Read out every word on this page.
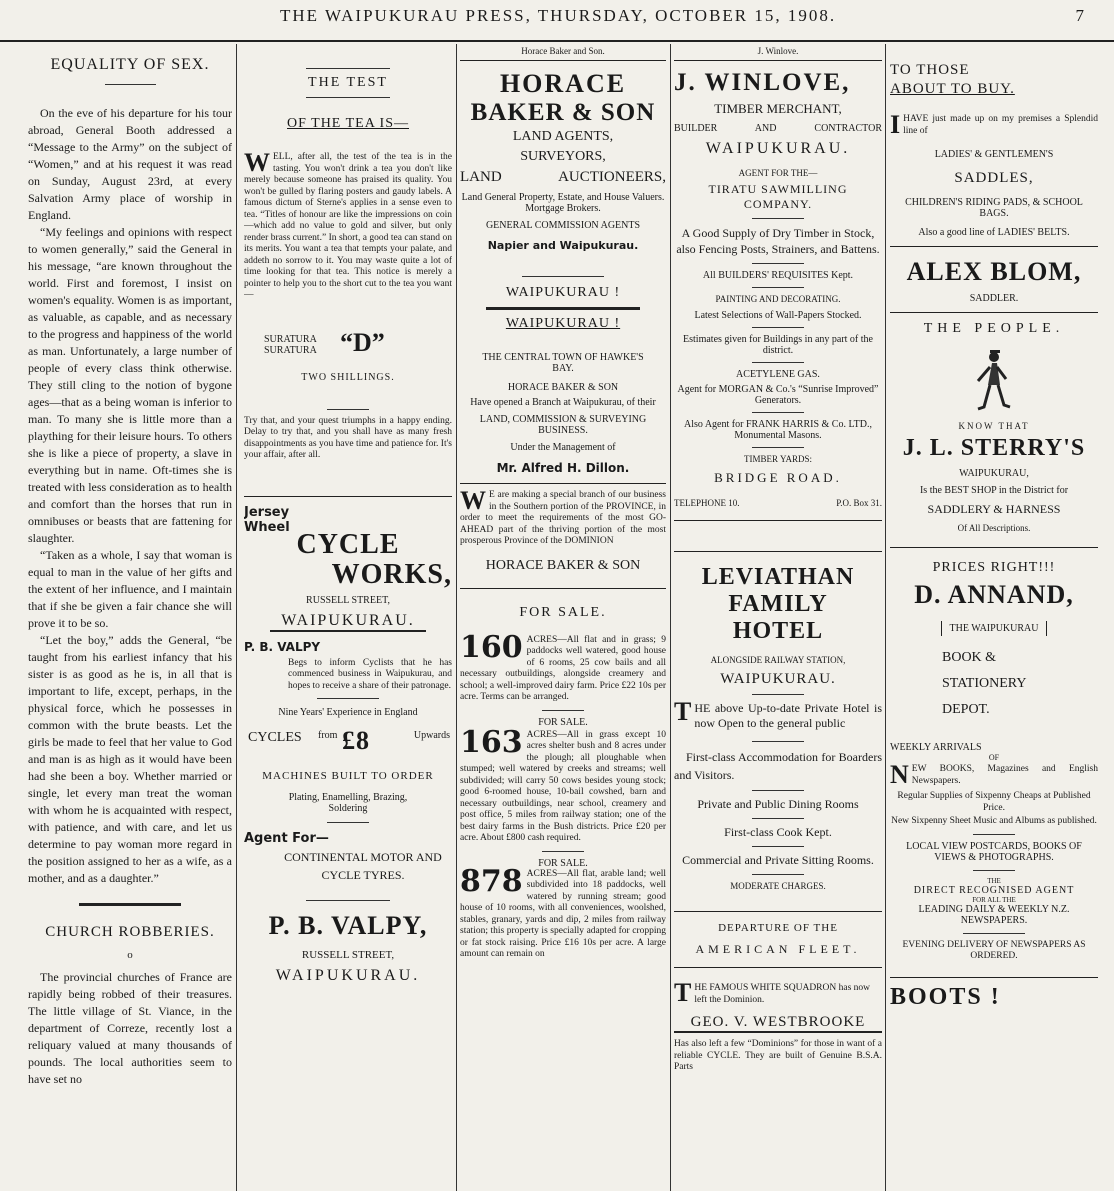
THE WAIPUKURAU PRESS, THURSDAY, OCTOBER 15, 1908.	7

EQUALITY OF SEX.

On the eve of his departure for his tour abroad, General Booth addressed a “Message to the Army” on the subject of “Women,” and at his request it was read on Sunday, August 23rd, at every Salvation Army place of worship in England.

“My feelings and opinions with respect to women generally,” said the General in his message, “are known throughout the world. First and foremost, I insist on women's equality. Women is as important, as valuable, as capable, and as necessary to the progress and happiness of the world as man. Unfortunately, a large number of people of every class think otherwise. They still cling to the notion of bygone ages—that as a being woman is inferior to man. To many she is little more than a plaything for their leisure hours. To others she is like a piece of property, a slave in everything but in name. Oft-times she is treated with less consideration as to health and comfort than the horses that run in omnibuses or beasts that are fattening for slaughter.

“Taken as a whole, I say that woman is equal to man in the value of her gifts and the extent of her influence, and I maintain that if she be given a fair chance she will prove it to be so.

“Let the boy,” adds the General, “be taught from his earliest infancy that his sister is as good as he is, in all that is important to life, except, perhaps, in the physical force, which he possesses in common with the brute beasts. Let the girls be made to feel that her value to God and man is as high as it would have been had she been a boy. Whether married or single, let every man treat the woman with whom he is acquainted with respect, with patience, and with care, and let us determine to pay woman more regard in the position assigned to her as a wife, as a mother, and as a daughter.”

CHURCH ROBBERIES.

o

The provincial churches of France are rapidly being robbed of their treasures. The little village of St. Viance, in the department of Correze, recently lost a reliquary valued at many thousands of pounds. The local authorities seem to have set no

THE TEST

OF THE TEA IS—

W ELL, after all, the test of the tea is in the tasting. You won't drink a tea you don't like merely because someone has praised its quality. You won't be gulled by flaring posters and gaudy labels. A famous dictum of Sterne's applies in a sense even to tea. “Titles of honour are like the impressions on coin—which add no value to gold and silver, but only render brass current.” In short, a good tea can stand on its merits. You want a tea that tempts your palate, and addeth no sorrow to it. You may waste quite a lot of time looking for that tea. This notice is merely a pointer to help you to the short cut to the tea you want—

SURATURA

SURATURA “D”

TWO SHILLINGS.

Try that, and your quest triumphs in a happy ending. Delay to try that, and you shall have as many fresh disappointments as you have time and patience for. It's your affair, after all.

Jersey

Wheel

CYCLE

WORKS,

RUSSELL STREET,

WAIPUKURAU.

P. B. VALPY

Begs to inform Cyclists that he has commenced business in Waipukurau, and hopes to receive a share of their patronage.

Nine Years' Experience in England

CYCLES from £8	Upwards

MACHINES BUILT TO ORDER

Plating, Enamelling, Brazing, Soldering

Agent For—

CONTINENTAL MOTOR AND CYCLE TYRES.

P. B. VALPY,

RUSSELL STREET,

WAIPUKURAU.

Horace Baker and Son.

HORACE

BAKER & SON

LAND AGENTS,

SURVEYORS,

LAND AUCTIONEERS,

Land General Property, Estate, and House Valuers. Mortgage Brokers.

GENERAL COMMISSION AGENTS

Napier and Waipukurau.

WAIPUKURAU !

WAIPUKURAU !

THE CENTRAL TOWN OF HAWKE'S BAY.

HORACE BAKER & SON

Have opened a Branch at Waipukurau, of their

LAND, COMMISSION & SURVEYING BUSINESS.

Under the Management of

Mr. Alfred H. Dillon.

W E are making a special branch of our business in the Southern portion of the PROVINCE, in order to meet the requirements of the most GO-AHEAD part of the thriving portion of the most prosperous Province of the DOMINION

HORACE BAKER & SON

FOR SALE.

160 ACRES—All flat and in grass; 9 paddocks well watered, good house of 6 rooms, 25 cow bails and all necessary outbuildings, alongside creamery and school; a well-improved dairy farm. Price £22 10s per acre. Terms can be arranged.

FOR SALE.

163 ACRES—All in grass except 10 acres shelter bush and 8 acres under the plough; all ploughable when stumped; well watered by creeks and streams; well subdivided; will carry 50 cows besides young stock; good 6-roomed house, 10-bail cowshed, barn and necessary outbuildings, near school, creamery and post office, 5 miles from railway station; one of the best dairy farms in the Bush districts. Price £20 per acre. About £800 cash required.

FOR SALE.

878 ACRES—All flat, arable land; well subdivided into 18 paddocks, well watered by running stream; good house of 10 rooms, with all conveniences, woolshed, stables, granary, yards and dip, 2 miles from railway station; this property is specially adapted for cropping or fat stock raising. Price £16 10s per acre. A large amount can remain on

J. Winlove.

J. WINLOVE,

TIMBER MERCHANT,

BUILDER AND CONTRACTOR

WAIPUKURAU.

AGENT FOR THE—

TIRATU SAWMILLING COMPANY.

A Good Supply of Dry Timber in Stock, also Fencing Posts, Strainers, and Battens.

All BUILDERS' REQUISITES Kept.

PAINTING AND DECORATING.

Latest Selections of Wall-Papers Stocked.

Estimates given for Buildings in any part of the district.

ACETYLENE GAS.

Agent for MORGAN & Co.'s “Sunrise Improved” Generators.

Also Agent for FRANK HARRIS & Co. LTD., Monumental Masons.

TIMBER YARDS:

BRIDGE ROAD.

TELEPHONE 10.	P.O. Box 31.

LEVIATHAN

FAMILY

HOTEL

ALONGSIDE RAILWAY STATION,

WAIPUKURAU.

T HE above Up-to-date Private Hotel is now Open to the general public

First-class Accommodation for Boarders and Visitors.

Private and Public Dining Rooms

First-class Cook Kept.

Commercial and Private Sitting Rooms.

MODERATE CHARGES.

DEPARTURE OF THE

AMERICAN FLEET.

T HE FAMOUS WHITE SQUADRON has now left the Dominion.

GEO. V. WESTBROOKE

Has also left a few “Dominions” for those in want of a reliable CYCLE. They are built of Genuine B.S.A. Parts

TO THOSE

ABOUT TO BUY.

I HAVE just made up on my premises a Splendid line of

LADIES' & GENTLEMEN'S

SADDLES,

CHILDREN'S RIDING PADS, & SCHOOL BAGS.

Also a good line of LADIES' BELTS.

ALEX BLOM,

SADDLER.

THE PEOPLE.

KNOW THAT

J. L. STERRY'S

WAIPUKURAU,

Is the BEST SHOP in the District for

SADDLERY & HARNESS

Of All Descriptions.

PRICES RIGHT!!!

D. ANNAND,

THE WAIPUKURAU

BOOK &

STATIONERY

DEPOT.

WEEKLY ARRIVALS

OF

N EW BOOKS, Magazines and English Newspapers.

Regular Supplies of Sixpenny Cheaps at Published Price.

New Sixpenny Sheet Music and Albums as published.

LOCAL VIEW POSTCARDS, BOOKS OF VIEWS & PHOTOGRAPHS.

THE

DIRECT RECOGNISED AGENT

FOR ALL THE

LEADING DAILY & WEEKLY N.Z. NEWSPAPERS.

EVENING DELIVERY OF NEWSPAPERS AS ORDERED.

BOOTS !
